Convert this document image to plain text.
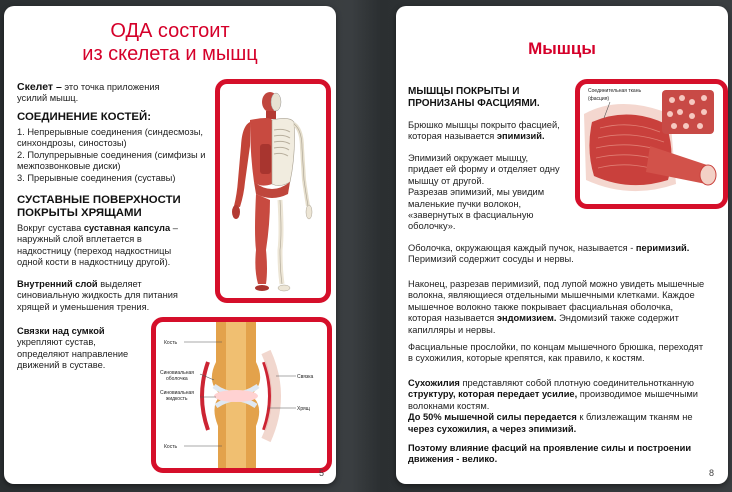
ОДА состоит
из скелета и мышц
Скелет – это точка приложения
усилий мышц.
СОЕДИНЕНИЕ КОСТЕЙ:
1. Непрерывные соединения (синдесмозы,
синхондрозы, синостозы)
2. Полупрерывные соединения (симфизы и
межпозвонковые диски)
3. Прерывные соединения (суставы)
СУСТАВНЫЕ ПОВЕРХНОСТИ
ПОКРЫТЫ ХРЯЩАМИ
Вокруг сустава суставная капсула –
наружный слой вплетается в
надкостницу (переход надкостницы
одной кости в надкостницу другой).
Внутренний слой выделяет
синовиальную жидкость для питания
хрящей и уменьшения трения.
Связки над сумкой
укрепляют сустав,
определяют направление
движений в суставе.
Кость
Синовиальная
оболочка
Синовиальная
жидкость
Кость
Связка
Хрящ
5
Мышцы
МЫШЦЫ ПОКРЫТЫ И
ПРОНИЗАНЫ ФАСЦИЯМИ.
Брюшко мышцы покрыто фасцией,
которая называется эпимизий.
Эпимизий окружает мышцу,
придает ей форму и отделяет одну
мышцу от другой.
Разрезав эпимизий, мы увидим
маленькие пучки волокон,
«завернутых в фасциальную
оболочку».
Оболочка, окружающая каждый пучок, называется - перимизий.
Перимизий содержит сосуды и нервы.
Наконец, разрезав перимизий, под лупой можно увидеть мышечные
волокна, являющиеся отдельными мышечными клетками. Каждое
мышечное волокно также покрывает фасциальная оболочка,
которая называется эндомизием. Эндомизий также содержит
капилляры и нервы.
Фасциальные прослойки, по концам мышечного брюшка, переходят
в сухожилия, которые крепятся, как правило, к костям.
Сухожилия представляют собой плотную соединительнотканную
структуру, которая передает усилие, производимое мышечными
волокнами костям.
До 50% мышечной силы передается к близлежащим тканям не
через сухожилия, а через эпимизий.
Поэтому влияние фасций на проявление силы и построении
движения - велико.
Соединительная ткань
(фасция)
8
